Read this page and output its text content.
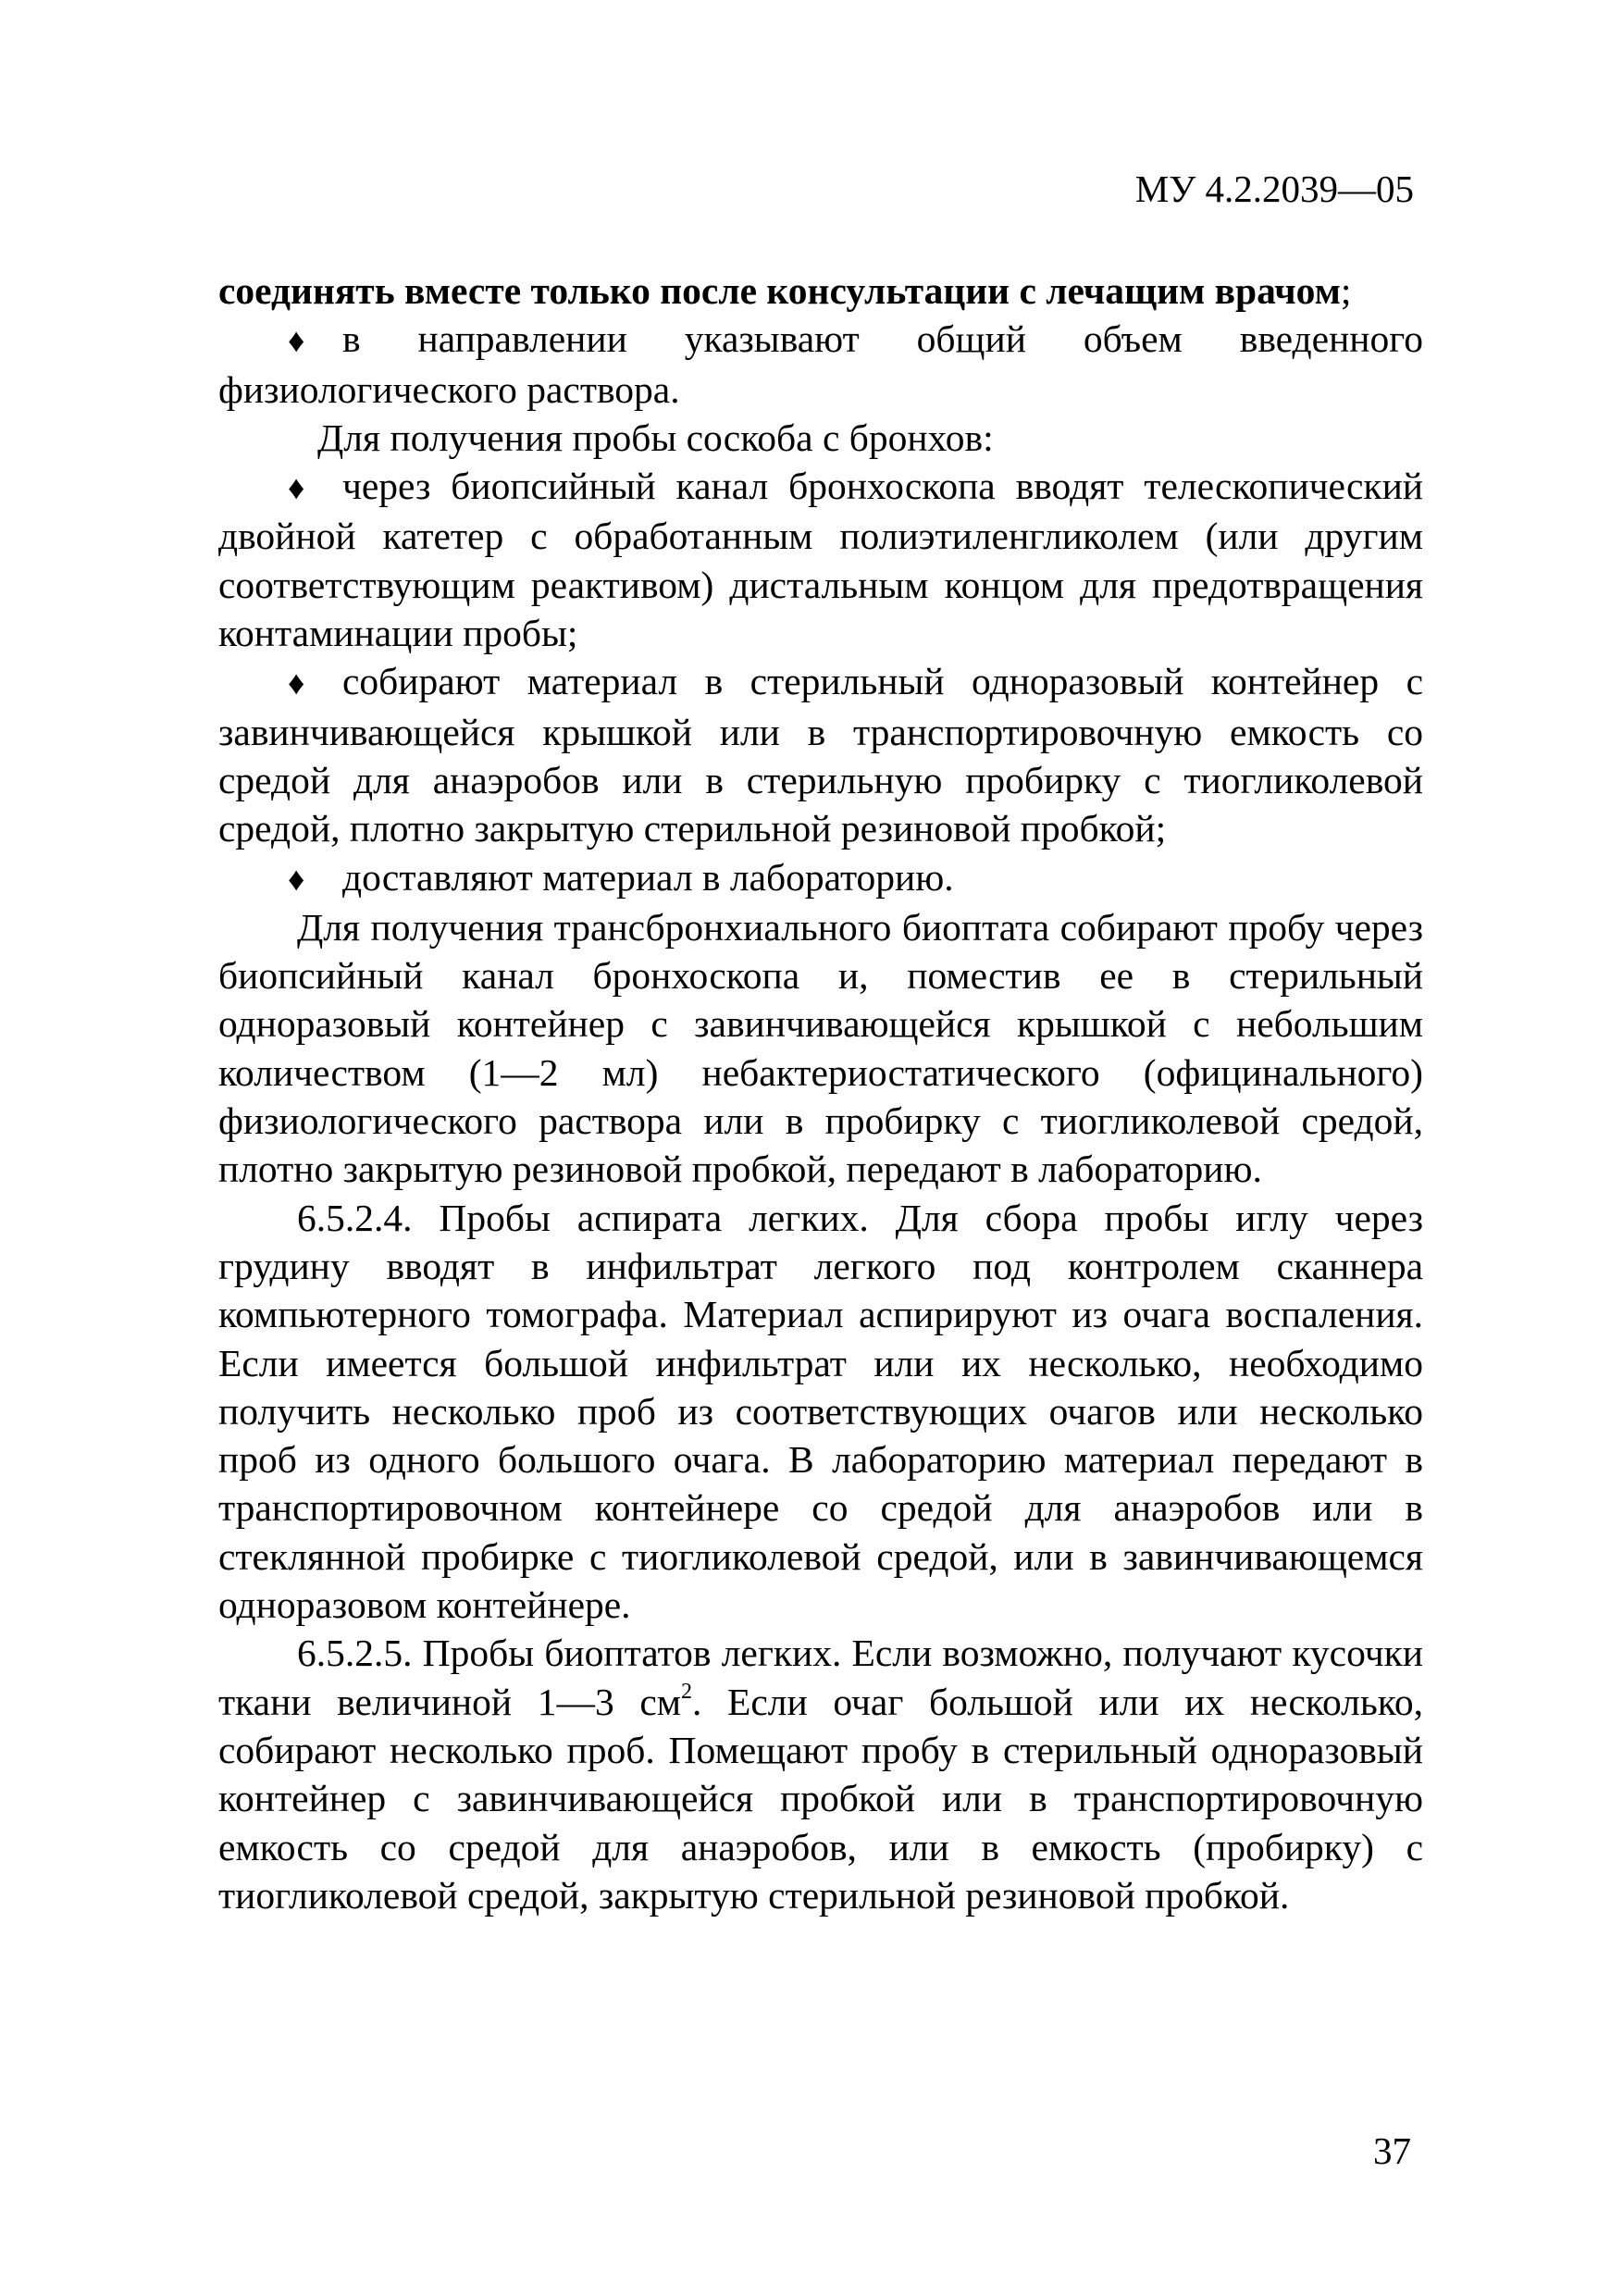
МУ 4.2.2039—05

соединять вместе только после консультации с лечащим врачом;

♦ в направлении указывают общий объем введенного физиологического раствора.

Для получения пробы соскоба с бронхов:

♦ через биопсийный канал бронхоскопа вводят телескопический двойной катетер с обработанным полиэтиленгликолем (или другим соответствующим реактивом) дистальным концом для предотвращения контаминации пробы;

♦ собирают материал в стерильный одноразовый контейнер с завинчивающейся крышкой или в транспортировочную емкость со средой для анаэробов или в стерильную пробирку с тиогликолевой средой, плотно закрытую стерильной резиновой пробкой;

♦ доставляют материал в лабораторию.

Для получения трансбронхиального биоптата собирают пробу через биопсийный канал бронхоскопа и, поместив ее в стерильный одноразовый контейнер с завинчивающейся крышкой с небольшим количеством (1—2 мл) небактериостатического (официнального) физиологического раствора или в пробирку с тиогликолевой средой, плотно закрытую резиновой пробкой, передают в лабораторию.

6.5.2.4. Пробы аспирата легких. Для сбора пробы иглу через грудину вводят в инфильтрат легкого под контролем сканнера компьютерного томографа. Материал аспирируют из очага воспаления. Если имеется большой инфильтрат или их несколько, необходимо получить несколько проб из соответствующих очагов или несколько проб из одного большого очага. В лабораторию материал передают в транспортировочном контейнере со средой для анаэробов или в стеклянной пробирке с тиогликолевой средой, или в завинчивающемся одноразовом контейнере.

6.5.2.5. Пробы биоптатов легких. Если возможно, получают кусочки ткани величиной 1—3 $см^2$. Если очаг большой или их несколько, собирают несколько проб. Помещают пробу в стерильный одноразовый контейнер с завинчивающейся пробкой или в транспортировочную емкость со средой для анаэробов, или в емкость (пробирку) с тиогликолевой средой, закрытую стерильной резиновой пробкой.

37
